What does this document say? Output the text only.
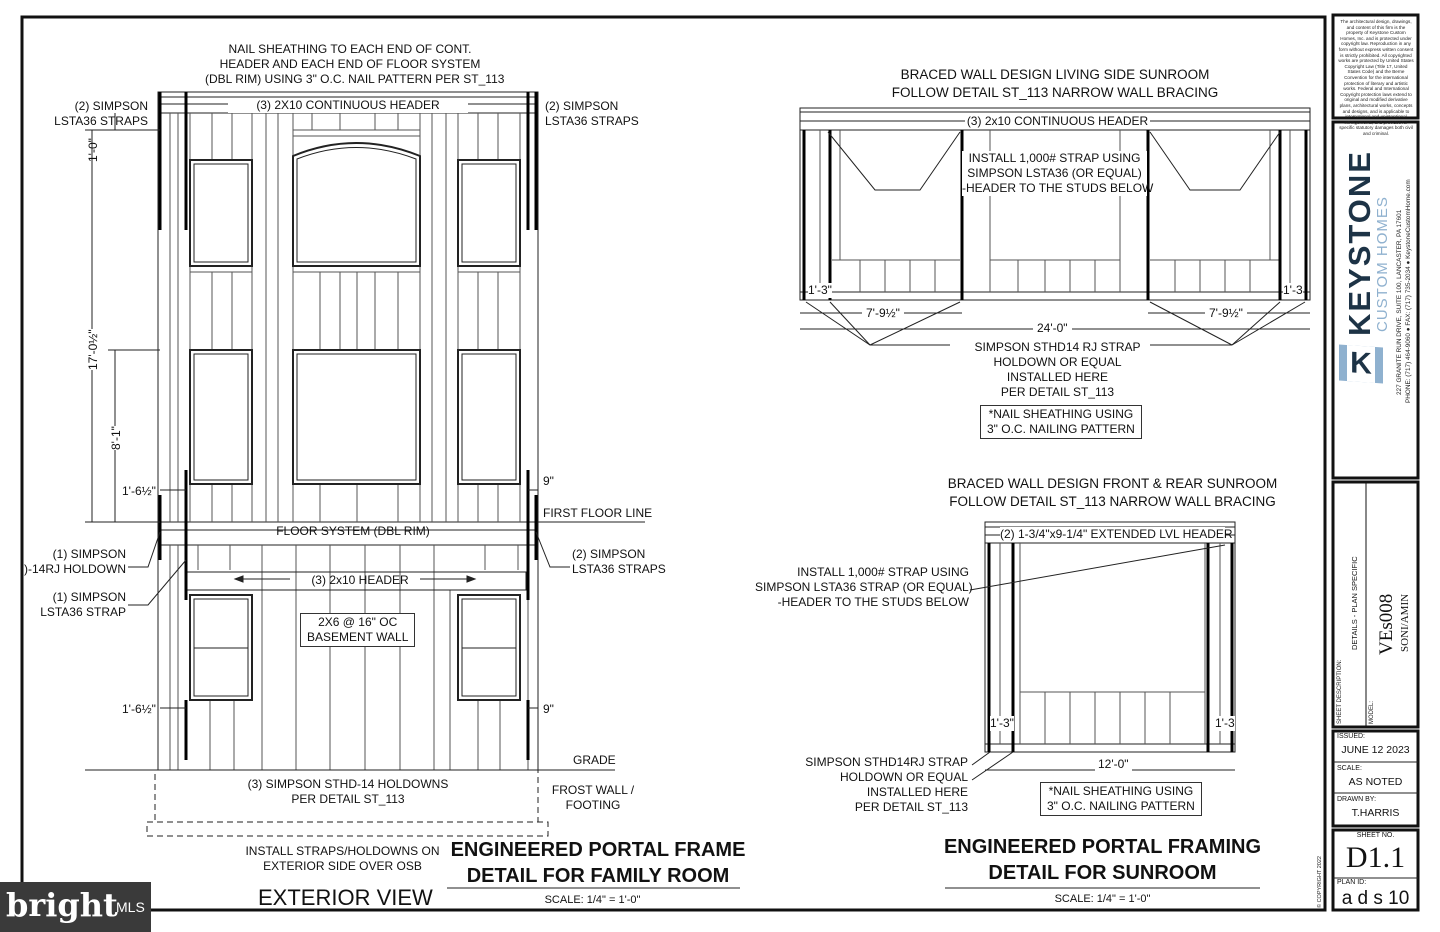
NAIL SHEATHING TO EACH END OF CONT.
HEADER AND EACH END OF FLOOR SYSTEM
(DBL RIM) USING 3" O.C. NAIL PATTERN PER ST_113
(2) SIMPSON
LSTA36 STRAPS
(2) SIMPSON
LSTA36 STRAPS
(3) 2X10 CONTINUOUS HEADER
1'-0"
17'-0½"
8'-1"
1'-6½"
9"
FIRST FLOOR LINE
FLOOR SYSTEM (DBL RIM)
(1) SIMPSON
)-14RJ HOLDOWN
(1) SIMPSON
LSTA36 STRAP
(2) SIMPSON
LSTA36 STRAPS
(3) 2x10 HEADER
2X6 @ 16" OC
BASEMENT WALL
1'-6½"	9"
GRADE
(3) SIMPSON STHD-14 HOLDOWNS
PER DETAIL ST_113
FROST WALL /
FOOTING
INSTALL STRAPS/HOLDOWNS ON
EXTERIOR SIDE OVER OSB
EXTERIOR VIEW
ENGINEERED PORTAL FRAME
DETAIL FOR FAMILY ROOM
SCALE: 1/4" = 1'-0"
BRACED WALL DESIGN LIVING SIDE SUNROOM
FOLLOW DETAIL ST_113 NARROW WALL BRACING
(3) 2x10 CONTINUOUS HEADER
INSTALL 1,000# STRAP USING
SIMPSON LSTA36 (OR EQUAL)
-HEADER TO THE STUDS BELOW
1'-3"	1'-3
7'-9½"	7'-9½"
24'-0"
SIMPSON STHD14 RJ STRAP
HOLDOWN OR EQUAL
INSTALLED HERE
PER DETAIL ST_113
*NAIL SHEATHING USING
3" O.C. NAILING PATTERN
BRACED WALL DESIGN FRONT & REAR SUNROOM
FOLLOW DETAIL ST_113 NARROW WALL BRACING
(2) 1-3/4"x9-1/4" EXTENDED LVL HEADER
INSTALL 1,000# STRAP USING
SIMPSON LSTA36 STRAP (OR EQUAL)
-HEADER TO THE STUDS BELOW
1'-3"	1'-3
12'-0"
SIMPSON STHD14RJ STRAP
HOLDOWN OR EQUAL
INSTALLED HERE
PER DETAIL ST_113
*NAIL SHEATHING USING
3" O.C. NAILING PATTERN
ENGINEERED PORTAL FRAMING
DETAIL FOR SUNROOM
SCALE: 1/4" = 1'-0"
The architectural design, drawings, and content of this firm is the property of Keystone Custom Homes, Inc. and is protected under copyright law. Reproduction in any form without express written consent is strictly prohibited. All copyrighted works are protected by United States Copyright Law (Title 17, United States Code) and the Berne Convention for the international protection of literary and artistic works. Federal and International Copyright protection laws extend to original and modified derivative plans, architectural works, concepts and designs, and is applicable to international and unintentional infringements, and provides for specific statutory damages both civil and criminal.
K
KEYSTONE
CUSTOM HOMES 227 GRANITE RUN DRIVE, SUITE 100, LANCASTER, PA 17601 PHONE: (717) 464-9060 ● FAX: (717) 735-2034 ● KeystoneCustomHome.com
SHEET DESCRIPTION:
DETAILS - PLAN SPECIFIC
MODEL:
VEs008 SONI/AMIN
ISSUED:
JUNE 12 2023
SCALE:
AS NOTED
DRAWN BY:
T.HARRIS
SHEET NO.
D1.1
PLAN ID:
a d s 10
© COPYRIGHT 2022
bright
MLS
